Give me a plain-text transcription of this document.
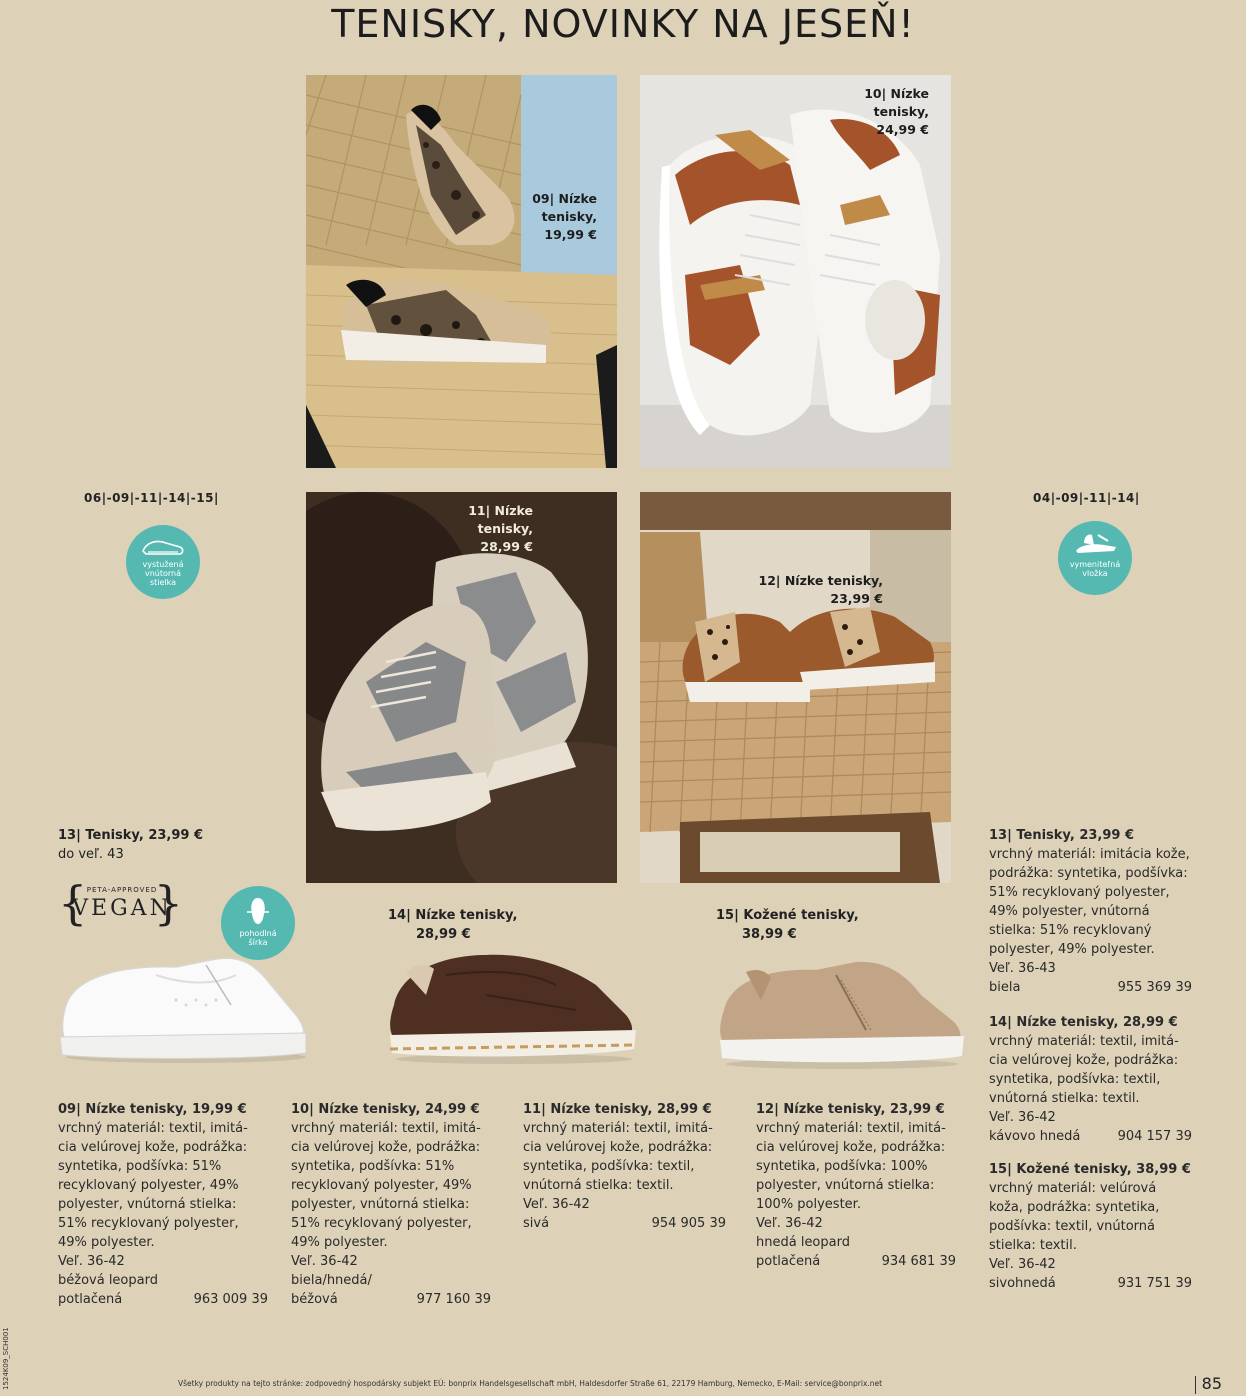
TENISKY, NOVINKY NA JESEŇ!
09| Nízke
tenisky,
19,99 €
10| Nízke
tenisky,
24,99 €
11| Nízke
tenisky,
28,99 €
12| Nízke tenisky,
23,99 €
06|-09|-11|-14|-15|	04|-09|-11|-14|
vystužená
vnútorná
stielka
vymeniteľná
vložka
pohodlná
šírka
13| Tenisky, 23,99 €
do veľ. 43
{ PETA-APPROVED
VEGAN
}	14| Nízke tenisky,
28,99 €
15| Kožené tenisky,
38,99 €
09| Nízke tenisky, 19,99 €
vrchný materiál: textil, imitá-
cia velúrovej kože, podrážka:
syntetika, podšívka: 51%
recyklovaný polyester, 49%
polyester, vnútorná stielka:
51% recyklovaný polyester,
49% polyester.
Veľ. 36-42
béžová leopard
potlačená	963 009 39
10| Nízke tenisky, 24,99 €
vrchný materiál: textil, imitá-
cia velúrovej kože, podrážka:
syntetika, podšívka: 51%
recyklovaný polyester, 49%
polyester, vnútorná stielka:
51% recyklovaný polyester,
49% polyester.
Veľ. 36-42
biela/hnedá/
béžová	977 160 39
11| Nízke tenisky, 28,99 €
vrchný materiál: textil, imitá-
cia velúrovej kože, podrážka:
syntetika, podšívka: textil,
vnútorná stielka: textil.
Veľ. 36-42
sivá	954 905 39
12| Nízke tenisky, 23,99 €
vrchný materiál: textil, imitá-
cia velúrovej kože, podrážka:
syntetika, podšívka: 100%
polyester, vnútorná stielka:
100% polyester.
Veľ. 36-42
hnedá leopard
potlačená	934 681 39
13| Tenisky, 23,99 €
vrchný materiál: imitácia kože,
podrážka: syntetika, podšívka:
51% recyklovaný polyester,
49% polyester, vnútorná
stielka: 51% recyklovaný
polyester, 49% polyester.
Veľ. 36-43
biela	955 369 39
14| Nízke tenisky, 28,99 €
vrchný materiál: textil, imitá-
cia velúrovej kože, podrážka:
syntetika, podšívka: textil,
vnútorná stielka: textil.
Veľ. 36-42
kávovo hnedá	904 157 39
15| Kožené tenisky, 38,99 €
vrchný materiál: velúrová
koža, podrážka: syntetika,
podšívka: textil, vnútorná
stielka: textil.
Veľ. 36-42
sivohnedá	931 751 39
Všetky produkty na tejto stránke: zodpovedný hospodársky subjekt EÚ: bonprix Handelsgesellschaft mbH, Haldesdorfer Straße 61, 22179 Hamburg, Nemecko, E-Mail: service@bonprix.net	85
1524K09_SCH001
